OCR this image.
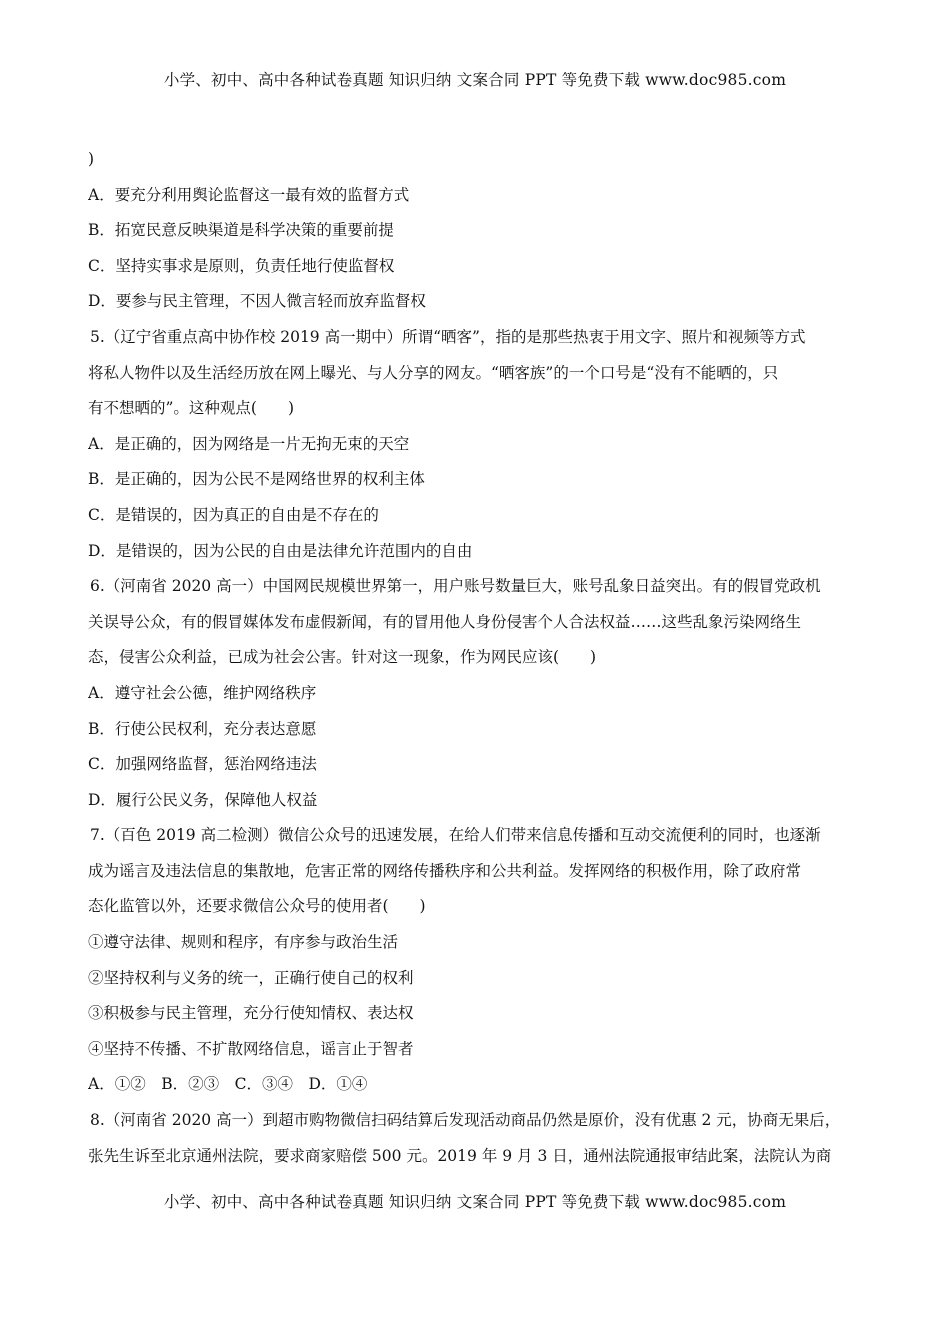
小学、初中、高中各种试卷真题 知识归纳 文案合同 PPT 等免费下载 www.doc985.com
)
A．要充分利用舆论监督这一最有效的监督方式
B．拓宽民意反映渠道是科学决策的重要前提
C．坚持实事求是原则，负责任地行使监督权
D．要参与民主管理，不因人微言轻而放弃监督权
5.（辽宁省重点高中协作校 2019 高一期中）所谓“晒客”，指的是那些热衷于用文字、照片和视频等方式
将私人物件以及生活经历放在网上曝光、与人分享的网友。“晒客族”的一个口号是“没有不能晒的，只
有不想晒的”。这种观点(　　)
A．是正确的，因为网络是一片无拘无束的天空
B．是正确的，因为公民不是网络世界的权利主体
C．是错误的，因为真正的自由是不存在的
D．是错误的，因为公民的自由是法律允许范围内的自由
6.（河南省 2020 高一）中国网民规模世界第一，用户账号数量巨大，账号乱象日益突出。有的假冒党政机
关误导公众，有的假冒媒体发布虚假新闻，有的冒用他人身份侵害个人合法权益……这些乱象污染网络生
态，侵害公众利益，已成为社会公害。针对这一现象，作为网民应该(　　)
A．遵守社会公德，维护网络秩序
B．行使公民权利，充分表达意愿
C．加强网络监督，惩治网络违法
D．履行公民义务，保障他人权益
7.（百色 2019 高二检测）微信公众号的迅速发展，在给人们带来信息传播和互动交流便利的同时，也逐渐
成为谣言及违法信息的集散地，危害正常的网络传播秩序和公共利益。发挥网络的积极作用，除了政府常
态化监管以外，还要求微信公众号的使用者(　　)
①遵守法律、规则和程序，有序参与政治生活
②坚持权利与义务的统一，正确行使自己的权利
③积极参与民主管理，充分行使知情权、表达权
④坚持不传播、不扩散网络信息，谣言止于智者
A．①②　B．②③　C．③④　D．①④
8.（河南省 2020 高一）到超市购物微信扫码结算后发现活动商品仍然是原价，没有优惠 2 元，协商无果后，
张先生诉至北京通州法院，要求商家赔偿 500 元。2019 年 9 月 3 日，通州法院通报审结此案，法院认为商
小学、初中、高中各种试卷真题 知识归纳 文案合同 PPT 等免费下载 www.doc985.com
